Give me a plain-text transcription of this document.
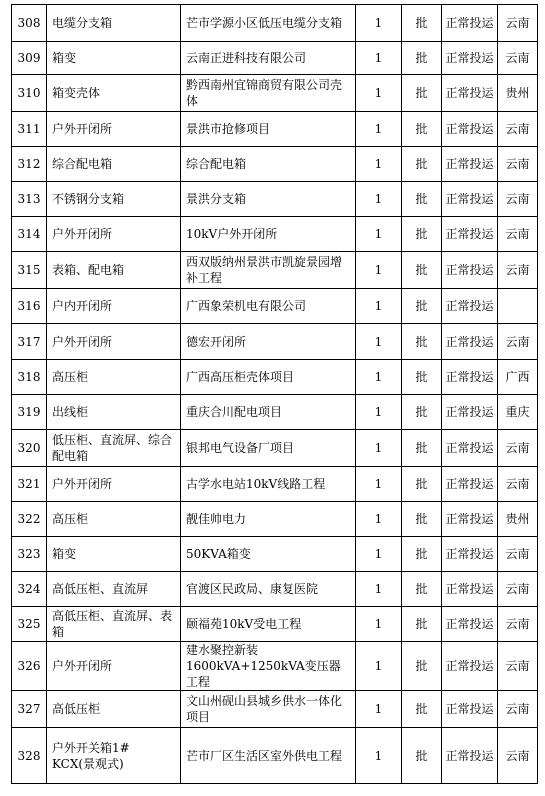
308	电缆分支箱	芒市学源小区低压电缆分支箱	1	批	正常投运	云南
309	箱变	云南正进科技有限公司	1	批	正常投运	云南
310	箱变壳体	黔西南州宜锦商贸有限公司壳体	1	批	正常投运	贵州
311	户外开闭所	景洪市抢修项目	1	批	正常投运	云南
312	综合配电箱	综合配电箱	1	批	正常投运	云南
313	不锈钢分支箱	景洪分支箱	1	批	正常投运	云南
314	户外开闭所	10kV户外开闭所	1	批	正常投运	云南
315	表箱、配电箱	西双版纳州景洪市凯旋景园增补工程	1	批	正常投运	云南
316	户内开闭所	广西象荣机电有限公司	1	批	正常投运	
317	户外开闭所	德宏开闭所	1	批	正常投运	云南
318	高压柜	广西高压柜壳体项目	1	批	正常投运	广西
319	出线柜	重庆合川配电项目	1	批	正常投运	重庆
320	低压柜、直流屏、综合配电箱	银邦电气设备厂项目	1	批	正常投运	云南
321	户外开闭所	古学水电站10kV线路工程	1	批	正常投运	云南
322	高压柜	靓佳帅电力	1	批	正常投运	贵州
323	箱变	50KVA箱变	1	批	正常投运	云南
324	高低压柜、直流屏	官渡区民政局、康复医院	1	批	正常投运	云南
325	高低压柜、直流屏、表箱	颐福苑10kV受电工程	1	批	正常投运	云南
326	户外开闭所	建水聚控新装1600kVA+1250kVA变压器工程	1	批	正常投运	云南
327	高低压柜	文山州砚山县城乡供水一体化项目	1	批	正常投运	云南
328	户外开关箱1# KCX(景观式)	芒市厂区生活区室外供电工程	1	批	正常投运	云南
